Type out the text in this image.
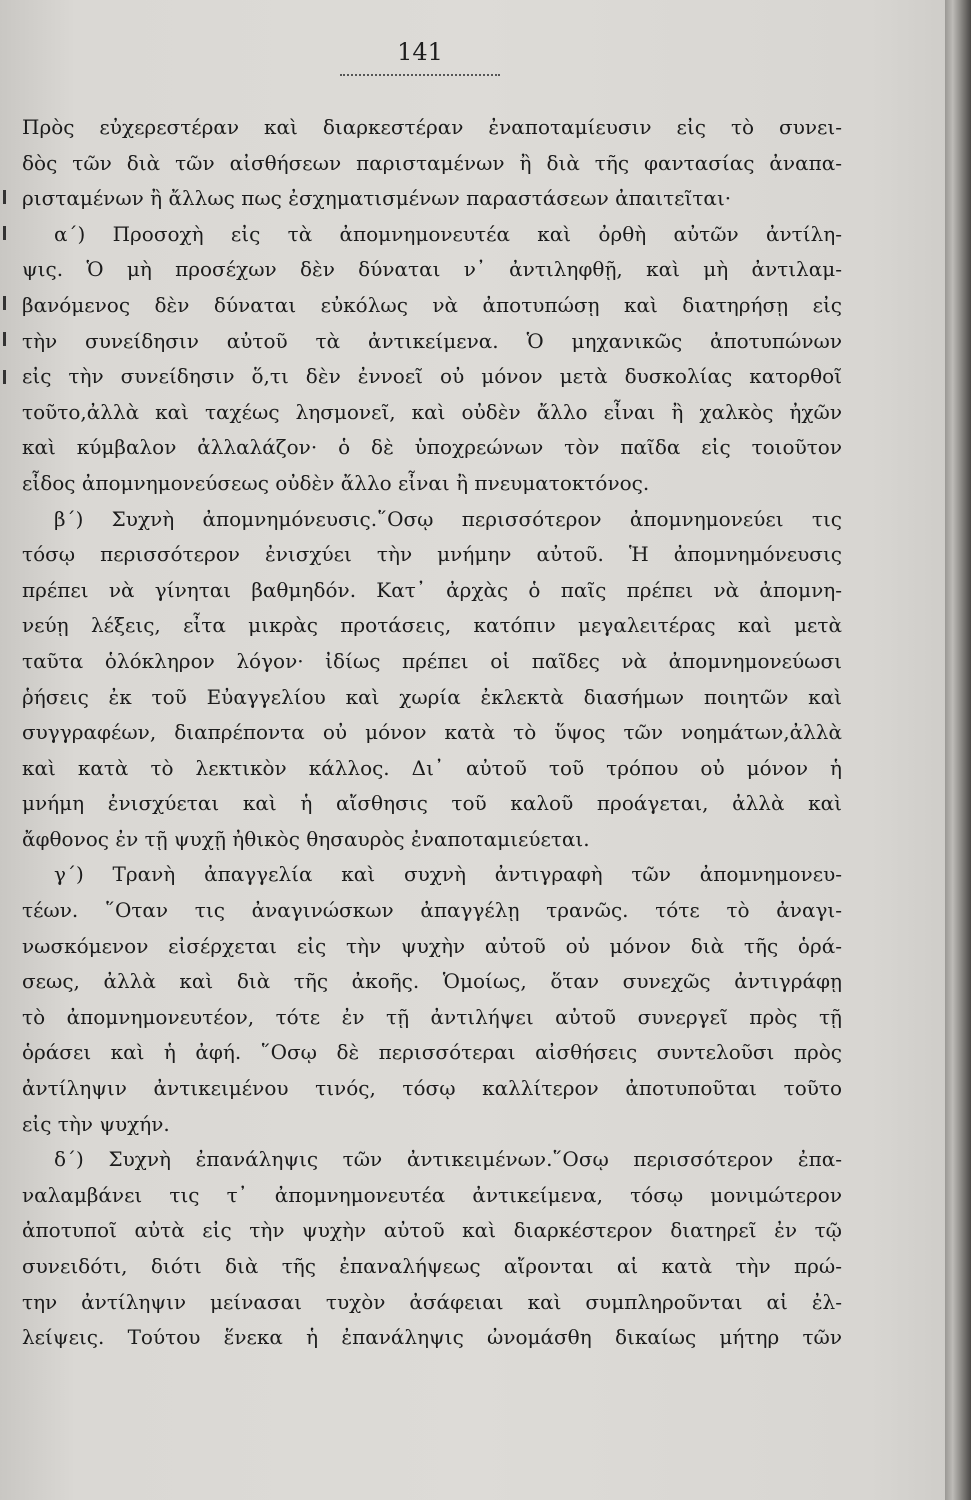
141
Πρὸς εὐχερεστέραν καὶ διαρκεστέραν ἐναποταμίευσιν εἰς τὸ συνει-
δὸς τῶν διὰ τῶν αἰσθήσεων παρισταμένων ἢ διὰ τῆς φαντασίας ἀναπα-
ρισταμένων ἢ ἄλλως πως ἐσχηματισμένων παραστάσεων ἀπαιτεῖται·
α΄) Προσοχὴ εἰς τὰ ἀπομνημονευτέα καὶ ὀρθὴ αὐτῶν ἀντίλη-
ψις. Ὁ μὴ προσέχων δὲν δύναται ν᾽ ἀντιληφθῇ, καὶ μὴ ἀντιλαμ-
βανόμενος δὲν δύναται εὐκόλως νὰ ἀποτυπώσῃ καὶ διατηρήσῃ εἰς
τὴν συνείδησιν αὐτοῦ τὰ ἀντικείμενα. Ὁ μηχανικῶς ἀποτυπώνων
εἰς τὴν συνείδησιν ὅ,τι δὲν ἐννοεῖ οὐ μόνον μετὰ δυσκολίας κατορθοῖ
τοῦτο,ἀλλὰ καὶ ταχέως λησμονεῖ, καὶ οὐδὲν ἄλλο εἶναι ἢ χαλκὸς ἠχῶν
καὶ κύμβαλον ἀλλαλάζον· ὁ δὲ ὑποχρεώνων τὸν παῖδα εἰς τοιοῦτον
εἶδος ἀπομνημονεύσεως οὐδὲν ἄλλο εἶναι ἢ πνευματοκτόνος.
β΄) Συχνὴ ἀπομνημόνευσις.῞Οσῳ περισσότερον ἀπομνημονεύει τις
τόσῳ περισσότερον ἐνισχύει τὴν μνήμην αὐτοῦ. Ἡ ἀπομνημόνευσις
πρέπει νὰ γίνηται βαθμηδόν. Κατ᾽ ἀρχὰς ὁ παῖς πρέπει νὰ ἀπομνη-
νεύῃ λέξεις, εἶτα μικρὰς προτάσεις, κατόπιν μεγαλειτέρας καὶ μετὰ
ταῦτα ὁλόκληρον λόγον· ἰδίως πρέπει οἱ παῖδες νὰ ἀπομνημονεύωσι
ῥήσεις ἐκ τοῦ Εὐαγγελίου καὶ χωρία ἐκλεκτὰ διασήμων ποιητῶν καὶ
συγγραφέων, διαπρέποντα οὐ μόνον κατὰ τὸ ὕψος τῶν νοημάτων,ἀλλὰ
καὶ κατὰ τὸ λεκτικὸν κάλλος. Δι᾽ αὐτοῦ τοῦ τρόπου οὐ μόνον ἡ
μνήμη ἐνισχύεται καὶ ἡ αἴσθησις τοῦ καλοῦ προάγεται, ἀλλὰ καὶ
ἄφθονος ἐν τῇ ψυχῇ ἠθικὸς θησαυρὸς ἐναποταμιεύεται.
γ΄) Τρανὴ ἀπαγγελία καὶ συχνὴ ἀντιγραφὴ τῶν ἀπομνημονευ-
τέων. ῞Οταν τις ἀναγινώσκων ἀπαγγέλῃ τρανῶς. τότε τὸ ἀναγι-
νωσκόμενον εἰσέρχεται εἰς τὴν ψυχὴν αὐτοῦ οὐ μόνον διὰ τῆς ὁρά-
σεως, ἀλλὰ καὶ διὰ τῆς ἀκοῆς. Ὁμοίως, ὅταν συνεχῶς ἀντιγράφῃ
τὸ ἀπομνημονευτέον, τότε ἐν τῇ ἀντιλήψει αὐτοῦ συνεργεῖ πρὸς τῇ
ὁράσει καὶ ἡ ἀφή. ῞Οσῳ δὲ περισσότεραι αἰσθήσεις συντελοῦσι πρὸς
ἀντίληψιν ἀντικειμένου τινός, τόσῳ καλλίτερον ἀποτυποῦται τοῦτο
εἰς τὴν ψυχήν.
δ΄) Συχνὴ ἐπανάληψις τῶν ἀντικειμένων.῞Οσῳ περισσότερον ἐπα-
ναλαμβάνει τις τ᾽ ἀπομνημονευτέα ἀντικείμενα, τόσῳ μονιμώτερον
ἀποτυποῖ αὐτὰ εἰς τὴν ψυχὴν αὐτοῦ καὶ διαρκέστερον διατηρεῖ ἐν τῷ
συνειδότι, διότι διὰ τῆς ἐπαναλήψεως αἴρονται αἱ κατὰ τὴν πρώ-
την ἀντίληψιν μείνασαι τυχὸν ἀσάφειαι καὶ συμπληροῦνται αἱ ἐλ-
λείψεις. Τούτου ἕνεκα ἡ ἐπανάληψις ὠνομάσθη δικαίως μήτηρ τῶν
